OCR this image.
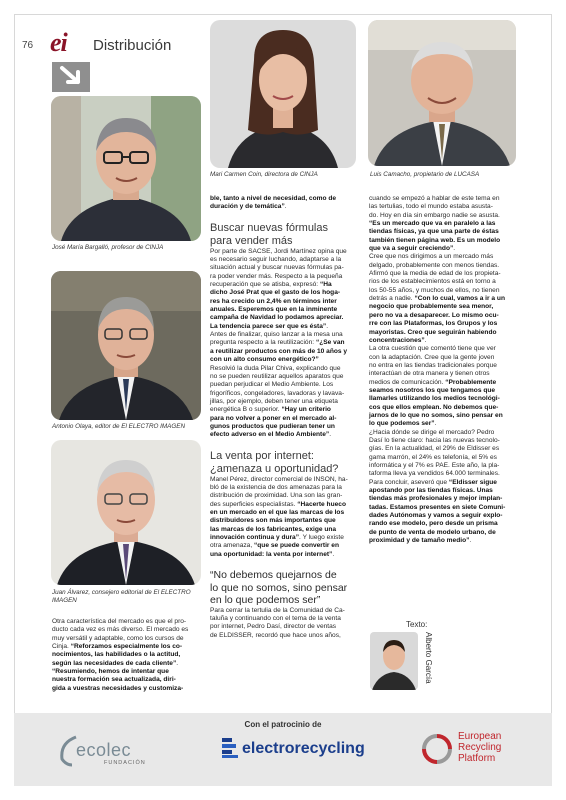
76 ei Distribución
José María Bargalló, profesor de CINJA
Antonio Olaya, editor de El ELECTRO IMAGEN
Juan Álvarez, consejero editorial de El ELECTRO
IMAGEN
Mari Carmen Coin, directora de CINJA	Luis Camacho, propietario de LUCASA
Otra característica del mercado es que el pro-
ducto cada vez es más diverso. El mercado es
muy versátil y adaptable, como los cursos de
Cinja. “Reforzamos especialmente los co-
nocimientos, las habilidades o la actitud,
según las necesidades de cada cliente”.
“Resumiendo, hemos de intentar que
nuestra formación sea actualizada, diri-
gida a vuestras necesidades y customiza-
ble, tanto a nivel de necesidad, como de
duración y de temática”.
Buscar nuevas fórmulas
para vender más
Por parte de SACSE, Jordi Martínez opina que
es necesario seguir luchando, adaptarse a la
situación actual y buscar nuevas fórmulas pa-
ra poder vender más. Respecto a la pequeña
recuperación que se atisba, expresó: “Ha
dicho José Prat que el gasto de los hoga-
res ha crecido un 2,4% en términos inter
anuales. Esperemos que en la inminente
campaña de Navidad lo podamos apreciar.
La tendencia parece ser que es ésta”.
Antes de finalizar, quiso lanzar a la mesa una
pregunta respecto a la reutilización: “¿Se van
a reutilizar productos con más de 10 años y
con un alto consumo energético?”
Resolvió la duda Pilar Chiva, explicando que
no se pueden reutilizar aquellos aparatos que
puedan perjudicar el Medio Ambiente. Los
frigoríficos, congeladores, lavadoras y lavava-
jillas, por ejemplo, deben tener una etiqueta
energética B o superior. “Hay un criterio
para no volver a poner en el mercado al-
gunos productos que pudieran tener un
efecto adverso en el Medio Ambiente”.
La venta por internet:
¿amenaza u oportunidad?
Manel Pérez, director comercial de INSON, ha-
bló de la existencia de dos amenazas para la
distribución de proximidad. Una son las gran-
des superficies especialistas. “Hacerte hueco
en un mercado en el que las marcas de los
distribuidores son más importantes que
las marcas de los fabricantes, exige una
innovación continua y dura”. Y luego existe
otra amenaza, “que se puede convertir en
una oportunidad: la venta por internet”.
“No debemos quejarnos de
lo que no somos, sino pensar
en lo que podemos ser”
Para cerrar la tertulia de la Comunidad de Ca-
taluña y continuando con el tema de la venta
por internet, Pedro Dasí, director de ventas
de ELDISSER, recordó que hace unos años,
cuando se empezó a hablar de este tema en
las tertulias, todo el mundo estaba asusta-
do. Hoy en día sin embargo nadie se asusta.
“Es un mercado que va en paralelo a las
tiendas físicas, ya que una parte de éstas
también tienen página web. Es un modelo
que va a seguir creciendo”.
Cree que nos dirigimos a un mercado más
delgado, probablemente con menos tiendas.
Afirmó que la media de edad de los propieta-
rios de los establecimientos está en torno a
los 50-55 años, y muchos de ellos, no tienen
detrás a nadie. “Con lo cual, vamos a ir a un
negocio que probablemente sea menor,
pero no va a desaparecer. Lo mismo ocu-
rre con las Plataformas, los Grupos y los
mayoristas. Creo que seguirán habiendo
concentraciones”.
La otra cuestión que comentó tiene que ver
con la adaptación. Cree que la gente joven
no entra en las tiendas tradicionales porque
interactúan de otra manera y tienen otros
medios de comunicación. “Probablemente
seamos nosotros los que tengamos que
llamarles utilizando los medios tecnológi-
cos que ellos emplean. No debemos que-
jarnos de lo que no somos, sino pensar en
lo que podemos ser”.
¿Hacia dónde se dirige el mercado? Pedro
Dasí lo tiene claro: hacia las nuevas tecnolo-
gías. En la actualidad, el 29% de Eldisser es
gama marrón, el 24% es telefonía, el 5% es
informática y el 7% es PAE. Este año, la pla-
taforma lleva ya vendidos 64.000 terminales.
Para concluir, aseveró que “Eldisser sigue
apostando por las tiendas físicas. Unas
tiendas más profesionales y mejor implan-
tadas. Estamos presentes en siete Comuni-
dades Autónomas y vamos a seguir explo-
rando ese modelo, pero desde un prisma
de punto de venta de modelo urbano, de
proximidad y de tamaño medio”.
Texto:
Alberto García
Con el patrocinio de
ecolec
FUNDACIÓN
electrorecycling
European
Recycling
Platform
